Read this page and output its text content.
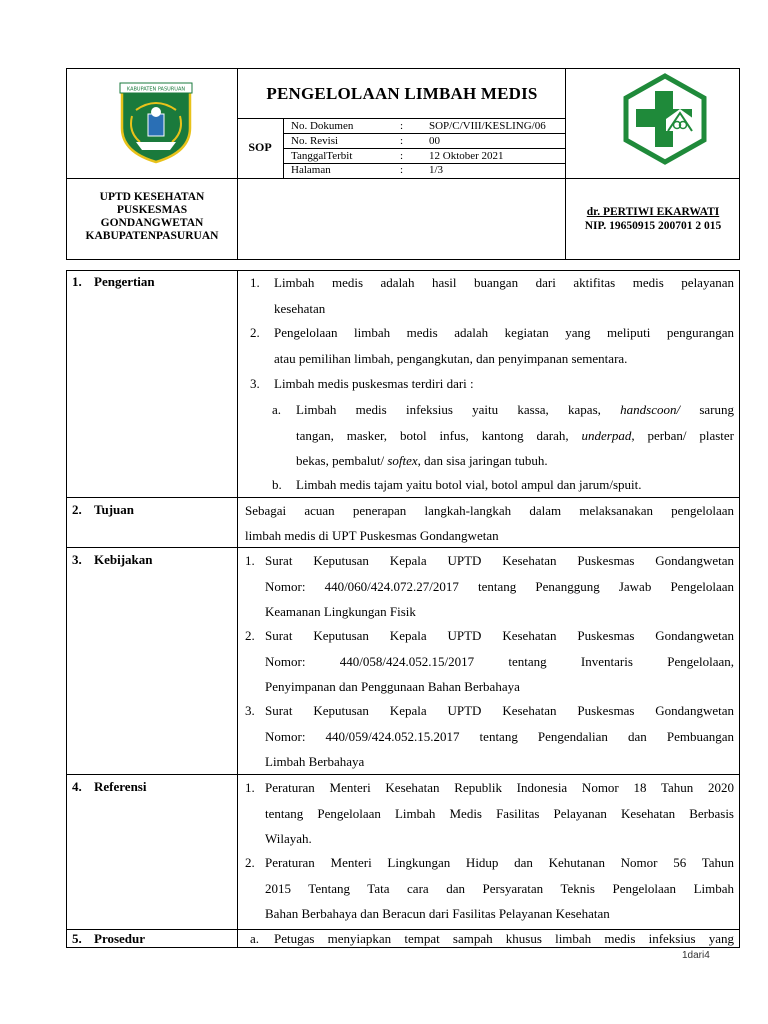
KABUPATEN PASURUAN	PENGELOLAAN LIMBAH MEDIS
SOP
No. Dokumen	: SOP/C/VIII/KESLING/06
No. Revisi	: 00
TanggalTerbit	: 12 Oktober 2021
Halaman	: 1/3
UPTD KESEHATAN
PUSKESMAS
GONDANGWETAN
KABUPATENPASURUAN
dr. PERTIWI EKARWATI
NIP. 19650915 200701 2 015
1. Pengertian	1. Limbah medis adalah hasil buangan dari aktifitas medis pelayanan
kesehatan
2. Pengelolaan limbah medis adalah kegiatan yang meliputi pengurangan
atau pemilihan limbah, pengangkutan, dan penyimpanan sementara.
3. Limbah medis puskesmas terdiri dari :
a. Limbah medis infeksius yaitu kassa, kapas, handscoon/ sarung
tangan, masker, botol infus, kantong darah, underpad, perban/ plaster
bekas, pembalut/ softex, dan sisa jaringan tubuh.
b. Limbah medis tajam yaitu botol vial, botol ampul dan jarum/spuit.
2. Tujuan	Sebagai acuan penerapan langkah-langkah dalam melaksanakan pengelolaan
limbah medis di UPT Puskesmas Gondangwetan
3. Kebijakan	1. Surat Keputusan Kepala UPTD Kesehatan Puskesmas Gondangwetan
Nomor: 440/060/424.072.27/2017 tentang Penanggung Jawab Pengelolaan
Keamanan Lingkungan Fisik
2. Surat Keputusan Kepala UPTD Kesehatan Puskesmas Gondangwetan
Nomor:    440/058/424.052.15/2017    tentang    Inventaris    Pengelolaan,
Penyimpanan dan Penggunaan Bahan Berbahaya
3. Surat Keputusan Kepala UPTD Kesehatan Puskesmas Gondangwetan
Nomor: 440/059/424.052.15.2017 tentang Pengendalian dan Pembuangan
Limbah Berbahaya
4. Referensi	1. Peraturan Menteri Kesehatan Republik Indonesia Nomor 18 Tahun 2020
tentang Pengelolaan Limbah Medis Fasilitas Pelayanan Kesehatan Berbasis
Wilayah.
2. Peraturan Menteri Lingkungan Hidup dan Kehutanan Nomor 56 Tahun
2015 Tentang Tata cara dan Persyaratan Teknis Pengelolaan Limbah
Bahan Berbahaya dan Beracun dari Fasilitas Pelayanan Kesehatan
5. Prosedur	a. Petugas menyiapkan tempat sampah khusus limbah medis infeksius yang
1dari4
